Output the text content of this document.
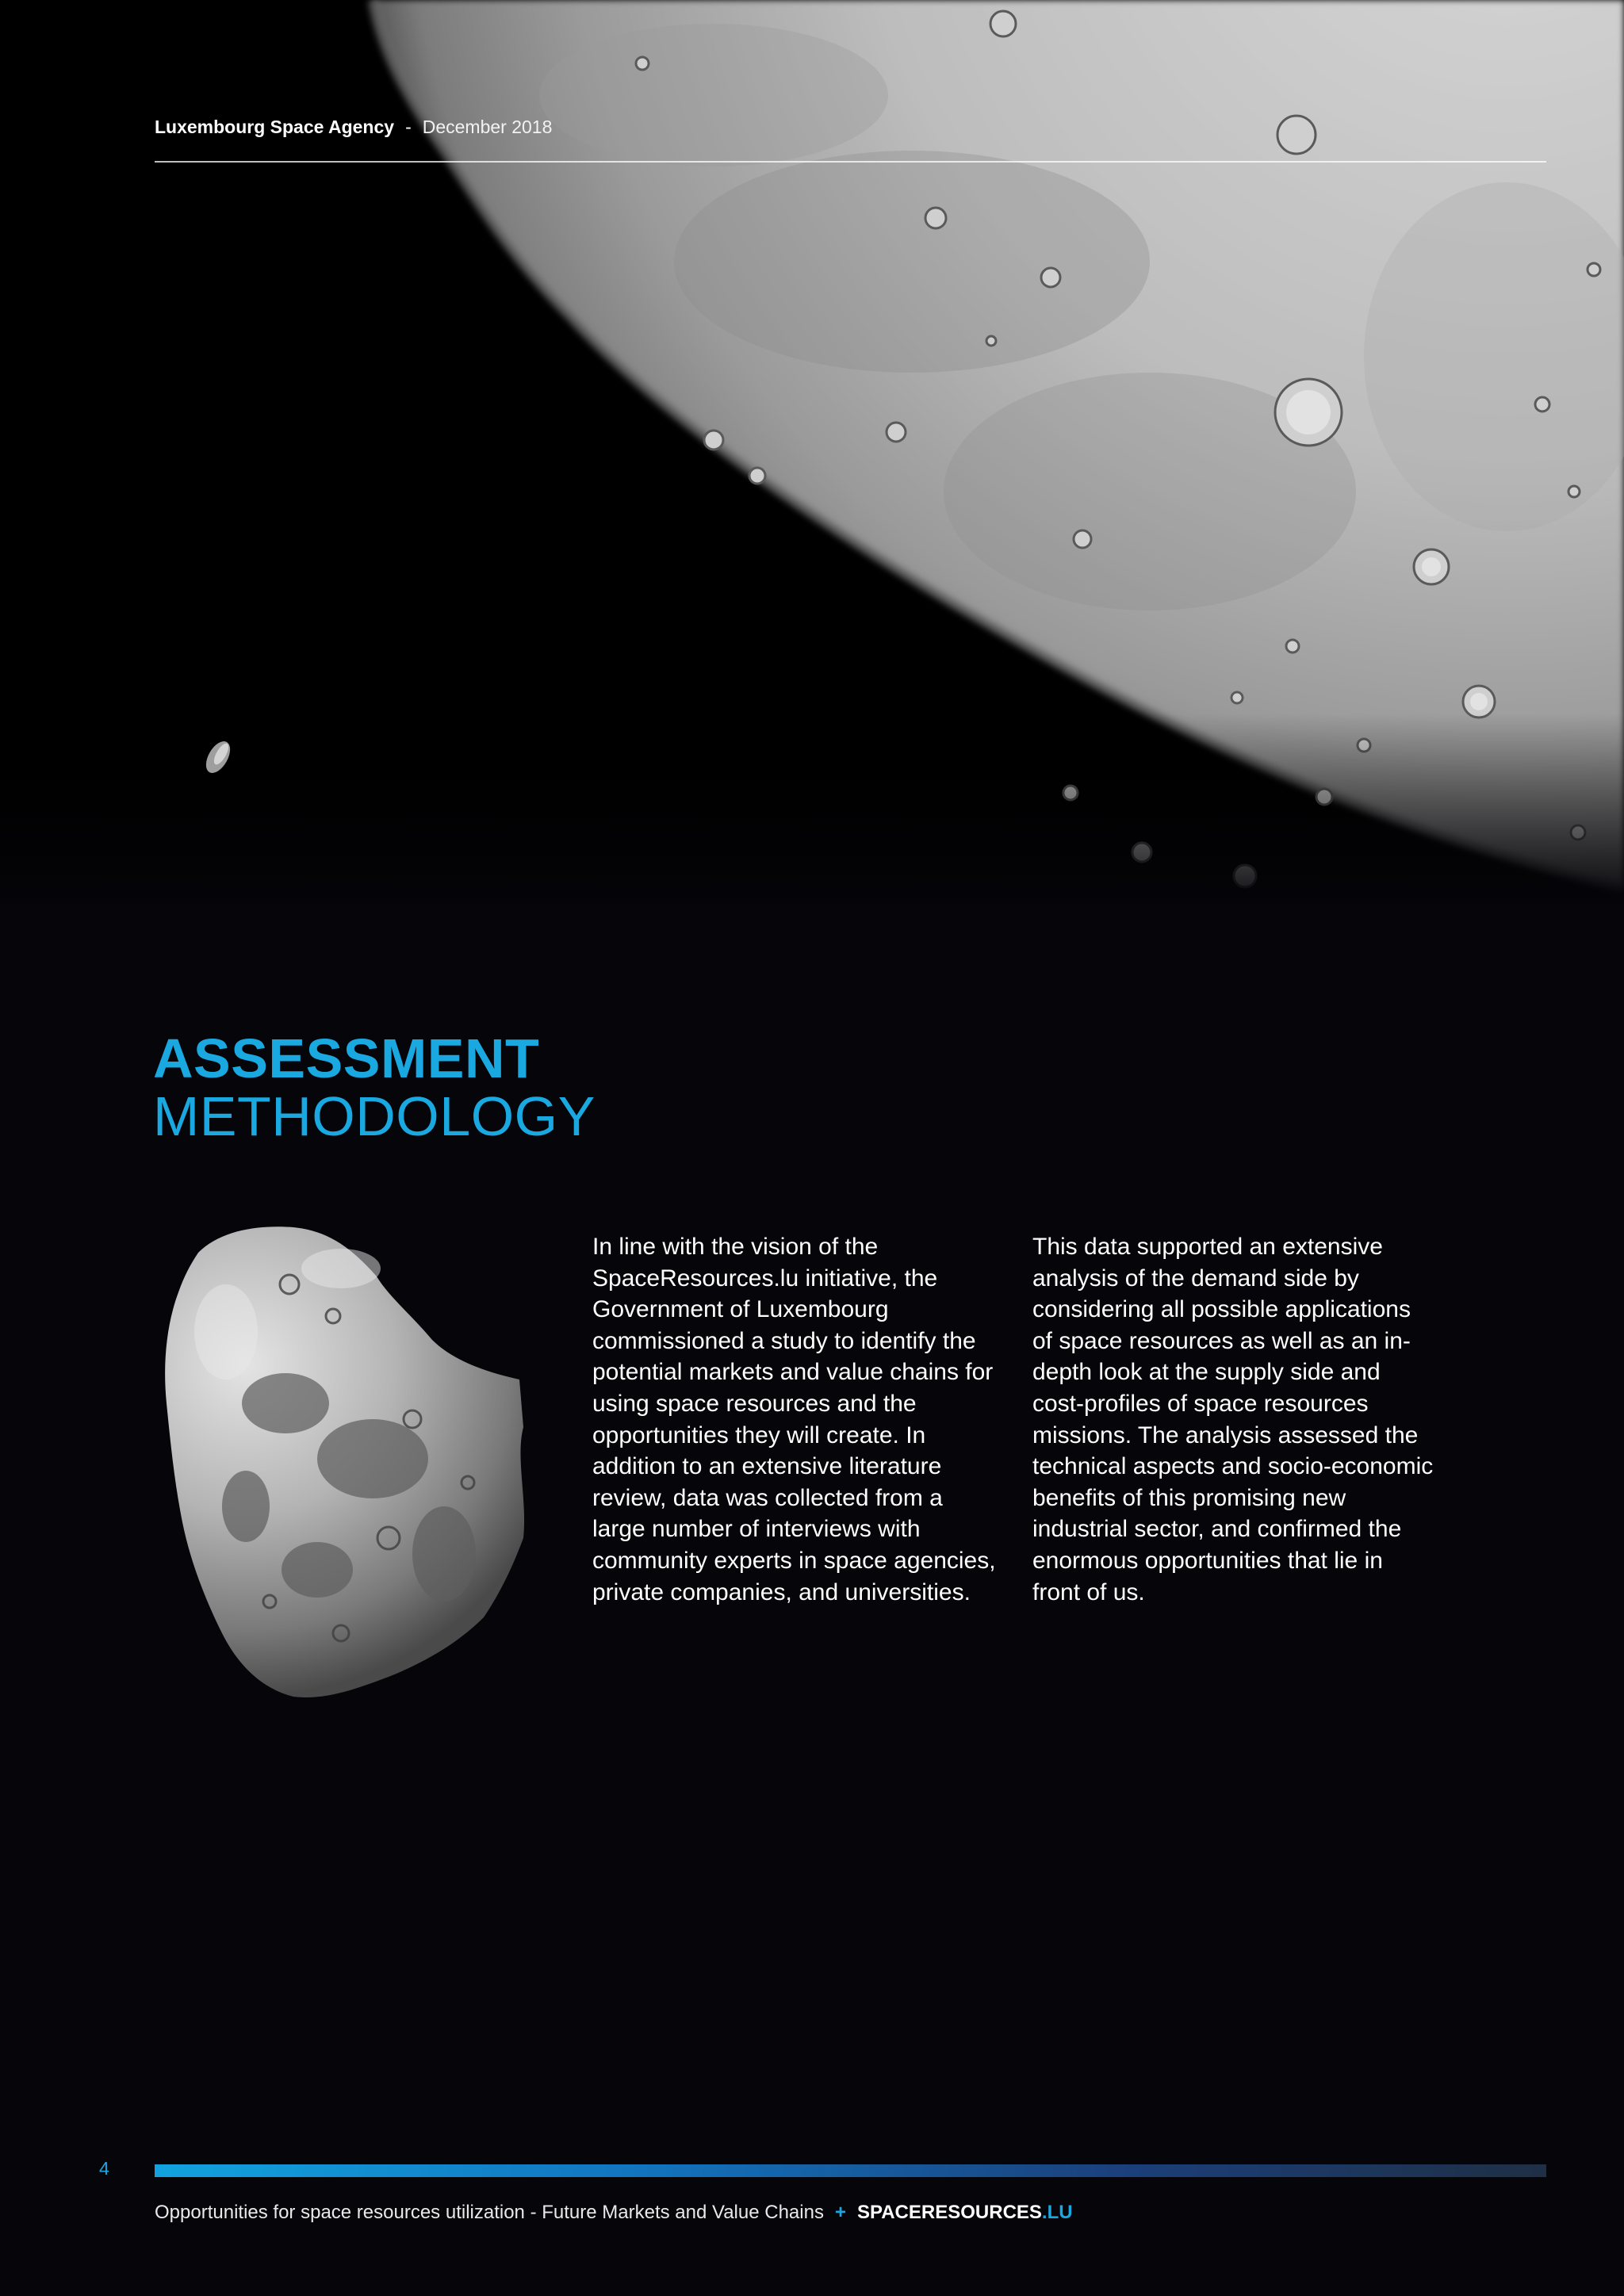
Luxembourg Space Agency - December 2018
ASSESSMENT
METHODOLOGY

In line with the vision of the SpaceResources.lu initiative, the Government of Luxembourg commissioned a study to identify the potential markets and value chains for using space resources and the opportunities they will create. In addition to an extensive literature review, data was collected from a large number of interviews with community experts in space agencies, private companies, and universities.

This data supported an extensive analysis of the demand side by considering all possible applications of space resources as well as an in-depth look at the supply side and cost-profiles of space resources missions. The analysis assessed the technical aspects and socio-economic benefits of this promising new industrial sector, and confirmed the enormous opportunities that lie in front of us.

4
Opportunities for space resources utilization - Future Markets and Value Chains + SPACERESOURCES .LU
